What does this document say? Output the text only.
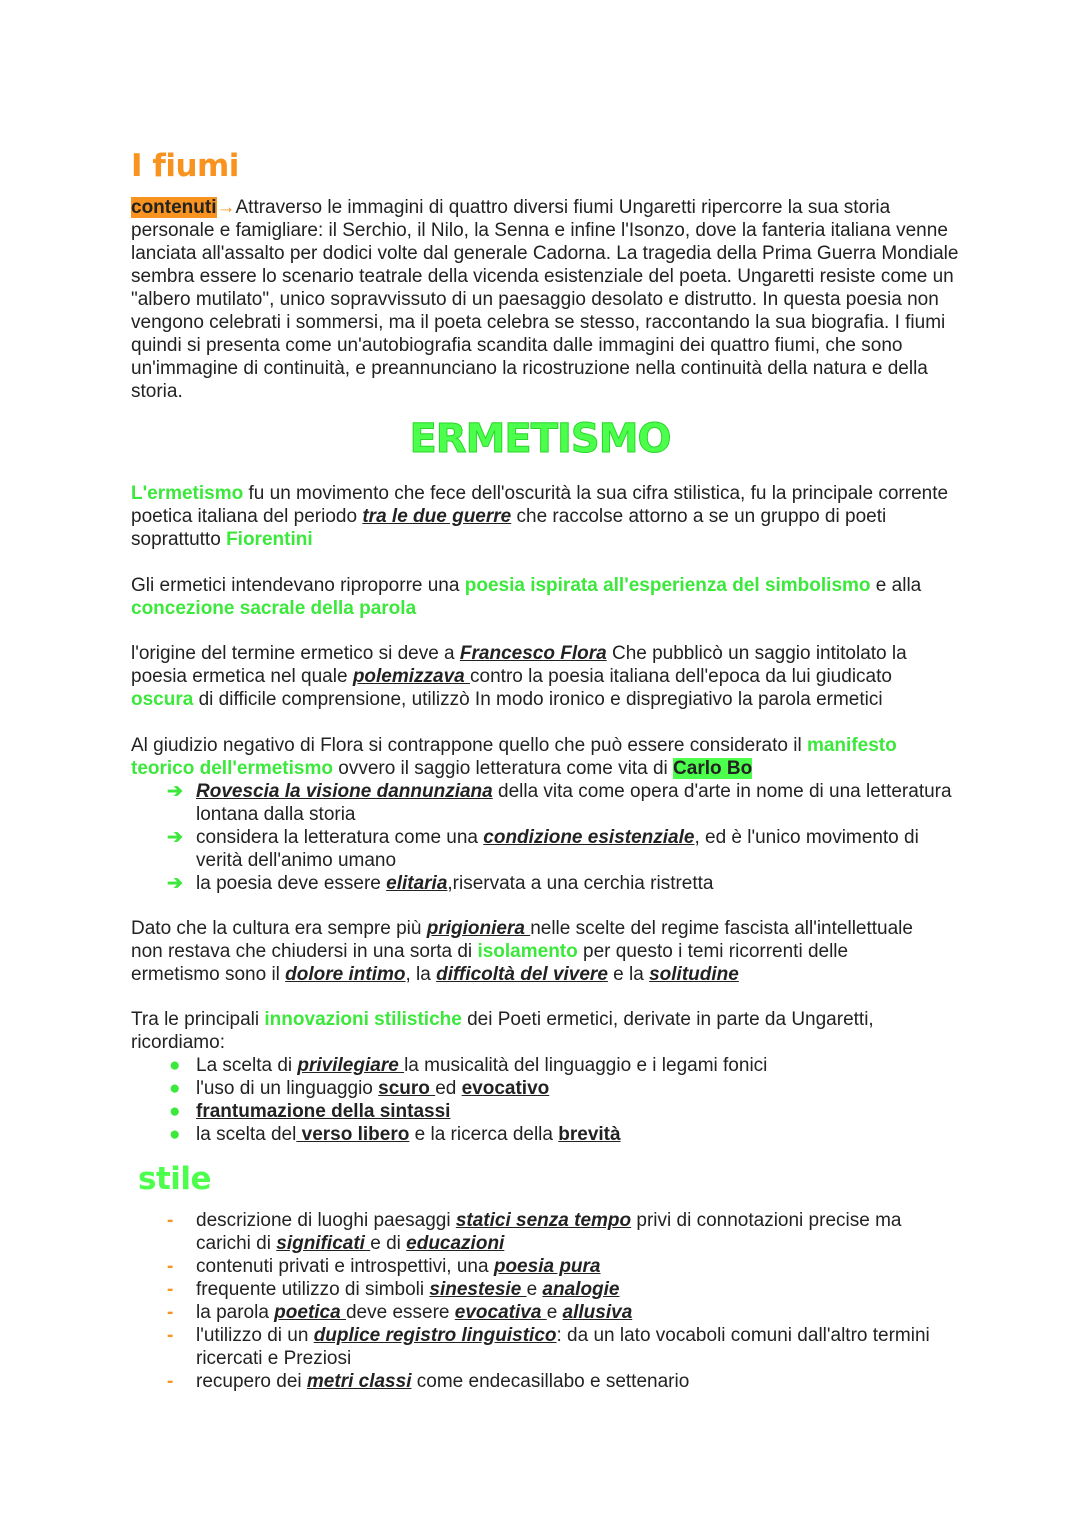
I fiumi

contenuti→Attraverso le immagini di quattro diversi fiumi Ungaretti ripercorre la sua storia personale e famigliare: il Serchio, il Nilo, la Senna e infine l'Isonzo, dove la fanteria italiana venne lanciata all'assalto per dodici volte dal generale Cadorna. La tragedia della Prima Guerra Mondiale sembra essere lo scenario teatrale della vicenda esistenziale del poeta. Ungaretti resiste come un "albero mutilato", unico sopravvissuto di un paesaggio desolato e distrutto. In questa poesia non vengono celebrati i sommersi, ma il poeta celebra se stesso, raccontando la sua biografia. I fiumi quindi si presenta come un'autobiografia scandita dalle immagini dei quattro fiumi, che sono un'immagine di continuità, e preannunciano la ricostruzione nella continuità della natura e della storia.

ERMETISMO

L'ermetismo fu un movimento che fece dell'oscurità la sua cifra stilistica, fu la principale corrente poetica italiana del periodo tra le due guerre che raccolse attorno a se un gruppo di poeti soprattutto Fiorentini

Gli ermetici intendevano riproporre una poesia ispirata all'esperienza del simbolismo e alla concezione sacrale della parola

l'origine del termine ermetico si deve a Francesco Flora Che pubblicò un saggio intitolato la poesia ermetica nel quale polemizzava contro la poesia italiana dell'epoca da lui giudicato oscura di difficile comprensione, utilizzò In modo ironico e dispregiativo la parola ermetici

Al giudizio negativo di Flora si contrappone quello che può essere considerato il manifesto teorico dell'ermetismo ovvero il saggio letteratura come vita di Carlo Bo

➔ Rovescia la visione dannunziana della vita come opera d'arte in nome di una letteratura lontana dalla storia
➔ considera la letteratura come una condizione esistenziale, ed è l'unico movimento di verità dell'animo umano
➔ la poesia deve essere elitaria,riservata a una cerchia ristretta

Dato che la cultura era sempre più prigioniera nelle scelte del regime fascista all'intellettuale non restava che chiudersi in una sorta di isolamento per questo i temi ricorrenti delle ermetismo sono il dolore intimo, la difficoltà del vivere e la solitudine

Tra le principali innovazioni stilistiche dei Poeti ermetici, derivate in parte da Ungaretti, ricordiamo:

● La scelta di privilegiare la musicalità del linguaggio e i legami fonici
● l'uso di un linguaggio scuro ed evocativo
● frantumazione della sintassi
● la scelta del verso libero e la ricerca della brevità
stile
- descrizione di luoghi paesaggi statici senza tempo privi di connotazioni precise ma carichi di significati e di educazioni
- contenuti privati e introspettivi, una poesia pura
- frequente utilizzo di simboli sinestesie e analogie
- la parola poetica deve essere evocativa e allusiva
- l'utilizzo di un duplice registro linguistico: da un lato vocaboli comuni dall'altro termini ricercati e Preziosi
- recupero dei metri classi come endecasillabo e settenario
